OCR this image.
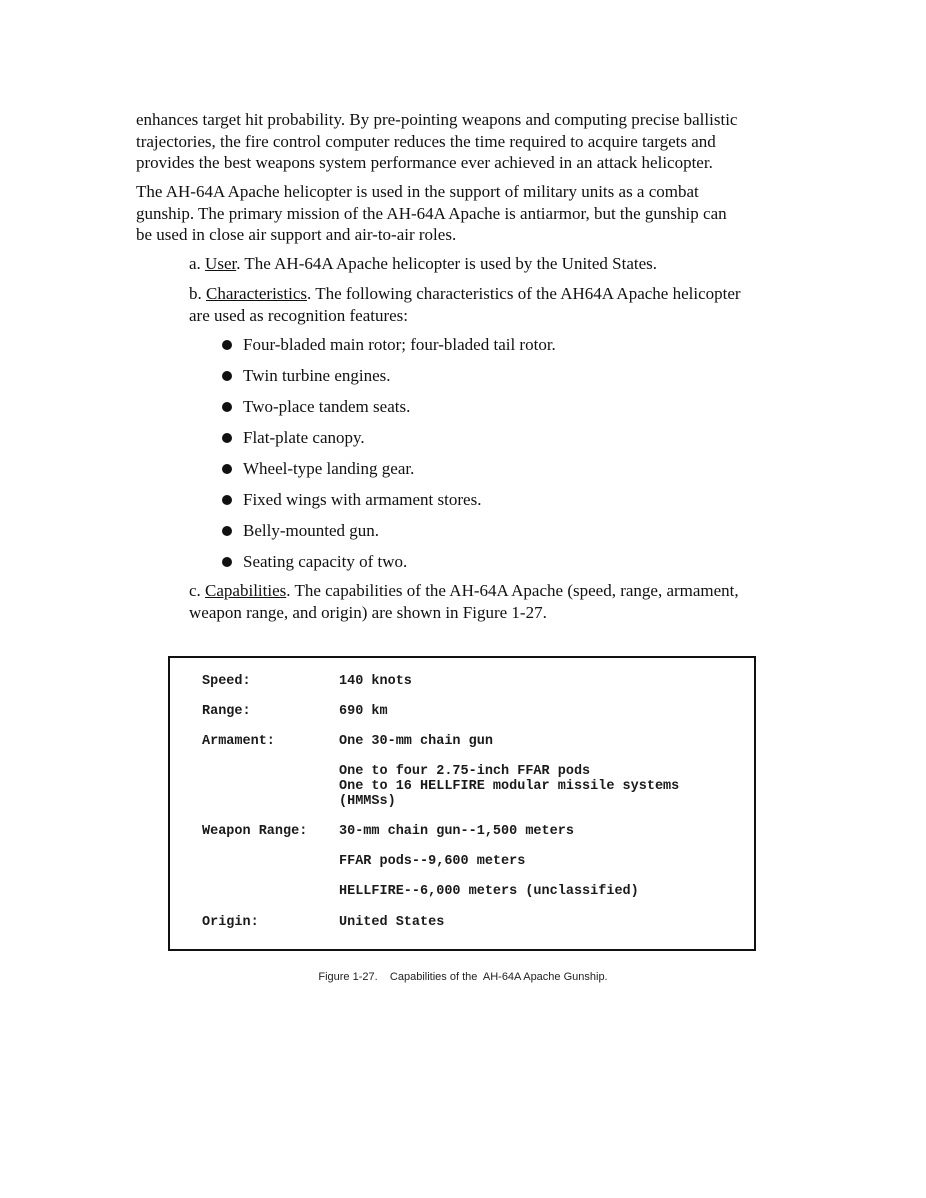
enhances target hit probability. By pre-pointing weapons and computing precise ballistic
trajectories, the fire control computer reduces the time required to acquire targets and
provides the best weapons system performance ever achieved in an attack helicopter.

The AH-64A Apache helicopter is used in the support of military units as a combat
gunship. The primary mission of the AH-64A Apache is antiarmor, but the gunship can
be used in close air support and air-to-air roles.

a. User. The AH-64A Apache helicopter is used by the United States.

b. Characteristics. The following characteristics of the AH64A Apache helicopter
are used as recognition features:

Four-bladed main rotor; four-bladed tail rotor.
Twin turbine engines.
Two-place tandem seats.
Flat-plate canopy.
Wheel-type landing gear.
Fixed wings with armament stores.
Belly-mounted gun.
Seating capacity of two.

c. Capabilities. The capabilities of the AH-64A Apache (speed, range, armament,
weapon range, and origin) are shown in Figure 1-27.

Speed:	140 knots
Range:	690 km
Armament:	One 30-mm chain gun
One to four 2.75-inch FFAR pods
One to 16 HELLFIRE modular missile systems
(HMMSs)
Weapon Range: 30-mm chain gun--1,500 meters
FFAR pods--9,600 meters
HELLFIRE--6,000 meters (unclassified)
Origin:	United States
Figure 1-27. Capabilities of the  AH-64A Apache Gunship.
